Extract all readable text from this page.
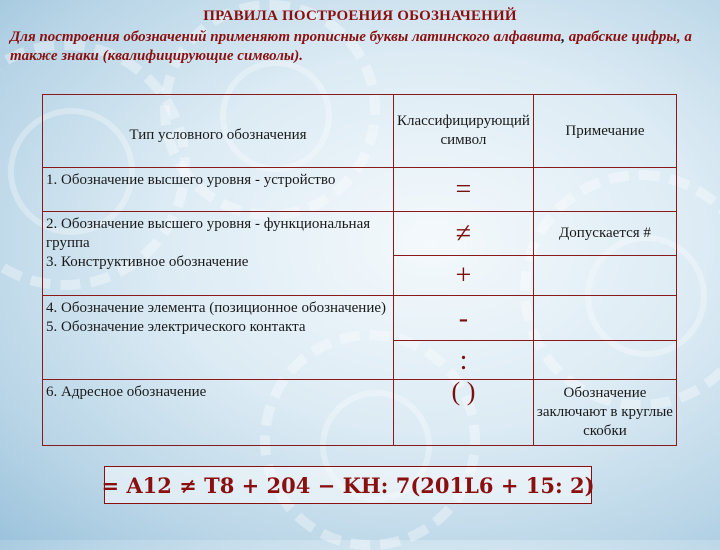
ПРАВИЛА ПОСТРОЕНИЯ ОБОЗНАЧЕНИЙ
Для построения обозначений применяют прописные буквы латинского алфавита, арабские цифры, а также знаки (квалифицирующие символы).
Тип условного обозначения	Классифицирующий символ	Примечание
1. Обозначение высшего уровня - устройство	=	

2. Обозначение высшего уровня - функциональная группа
3. Конструктивное обозначение	≠	Допускается #
	+	

4. Обозначение элемента (позиционное обозначение)
5. Обозначение электрического контакта	-	
	:	
6. Адресное обозначение	( )	Обозначение заключают в круглые скобки
= A12 ≠ T8 + 204 − KH: 7(201L6 + 15: 2)
